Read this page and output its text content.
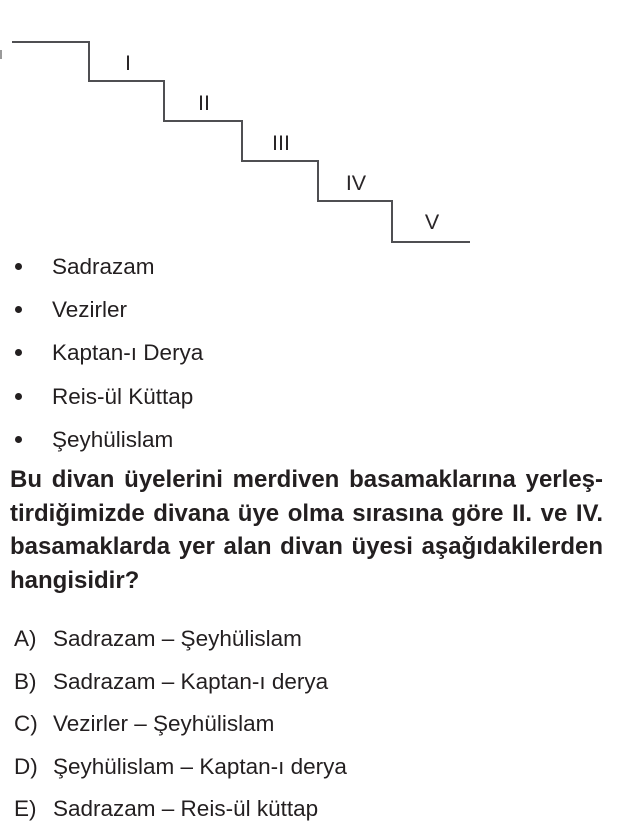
I
II
III
IV
V
Sadrazam
Vezirler
Kaptan-ı Derya
Reis-ül Küttap
Şeyhülislam
Bu divan üyelerini merdiven basamaklarına yerleş-
tirdiğimizde divana üye olma sırasına göre II. ve IV.
basamaklarda yer alan divan üyesi aşağıdakilerden
hangisidir?
A) Sadrazam – Şeyhülislam
B) Sadrazam – Kaptan-ı derya
C) Vezirler – Şeyhülislam
D) Şeyhülislam – Kaptan-ı derya
E) Sadrazam – Reis-ül küttap
